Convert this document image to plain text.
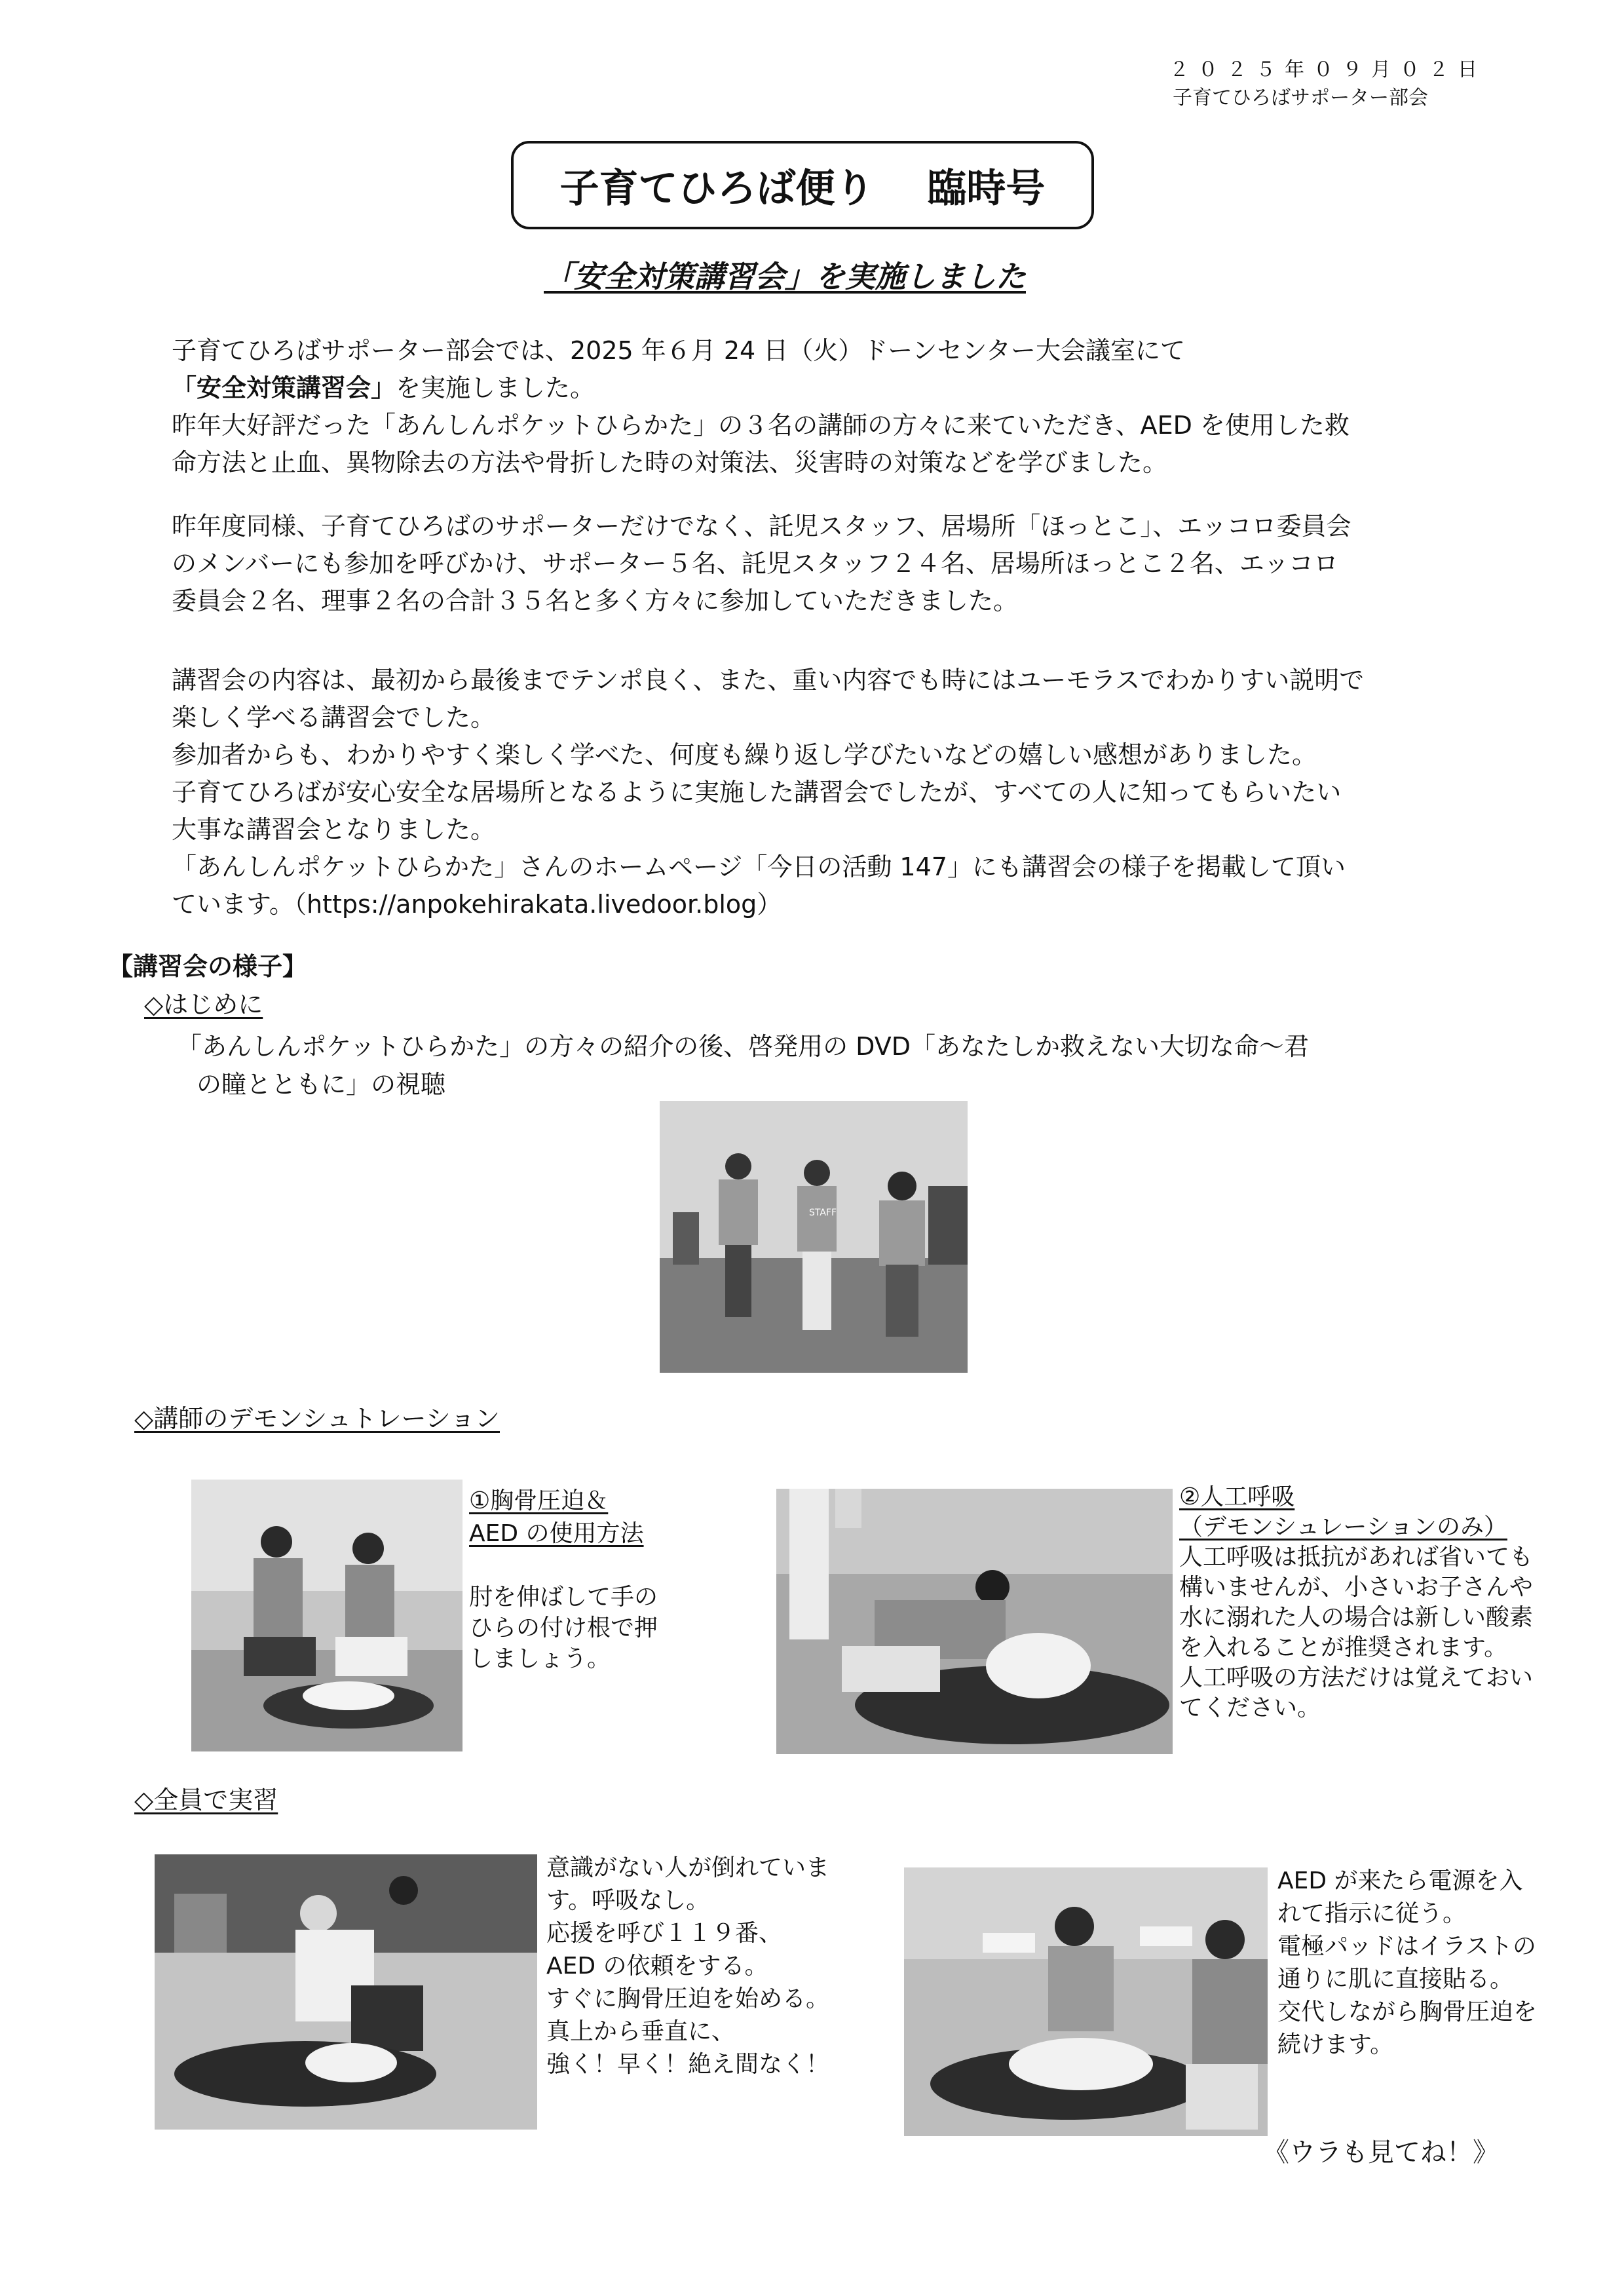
２０２５年０９月０２日
子育てひろばサポーター部会
子育てひろば便り　 臨時号
「安全対策講習会」を実施しました
子育てひろばサポーター部会では、2025 年６月 24 日（火）ドーンセンター大会議室にて
「安全対策講習会」を実施しました。
昨年大好評だった「あんしんポケットひらかた」の３名の講師の方々に来ていただき、AED を使用した救
命方法と止血、異物除去の方法や骨折した時の対策法、災害時の対策などを学びました。
昨年度同様、子育てひろばのサポーターだけでなく、託児スタッフ、居場所「ほっとこ」、エッコロ委員会
のメンバーにも参加を呼びかけ、サポーター５名、託児スタッフ２４名、居場所ほっとこ２名、エッコロ
委員会２名、理事２名の合計３５名と多く方々に参加していただきました。
講習会の内容は、最初から最後までテンポ良く、また、重い内容でも時にはユーモラスでわかりすい説明で
楽しく学べる講習会でした。
参加者からも、わかりやすく楽しく学べた、何度も繰り返し学びたいなどの嬉しい感想がありました。
子育てひろばが安心安全な居場所となるように実施した講習会でしたが、すべての人に知ってもらいたい
大事な講習会となりました。
「あんしんポケットひらかた」さんのホームページ「今日の活動 147」にも講習会の様子を掲載して頂い
ています。（https://anpokehirakata.livedoor.blog）
【講習会の様子】
◇はじめに
「あんしんポケットひらかた」の方々の紹介の後、啓発用の DVD「あなたしか救えない大切な命～君
の瞳とともに」の視聴
STAFF
◇講師のデモンシュトレーション
①胸骨圧迫＆
AED の使用方法
肘を伸ばして手の
ひらの付け根で押
しましょう。
②人工呼吸
（デモンシュレーションのみ）
人工呼吸は抵抗があれば省いても
構いませんが、小さいお子さんや
水に溺れた人の場合は新しい酸素
を入れることが推奨されます。
人工呼吸の方法だけは覚えておい
てください。
◇全員で実習
意識がない人が倒れていま
す。呼吸なし。
応援を呼び１１９番、
AED の依頼をする。
すぐに胸骨圧迫を始める。
真上から垂直に、
強く！早く！絶え間なく！
AED が来たら電源を入
れて指示に従う。
電極パッドはイラストの
通りに肌に直接貼る。
交代しながら胸骨圧迫を
続けます。
《ウラも見てね！》
